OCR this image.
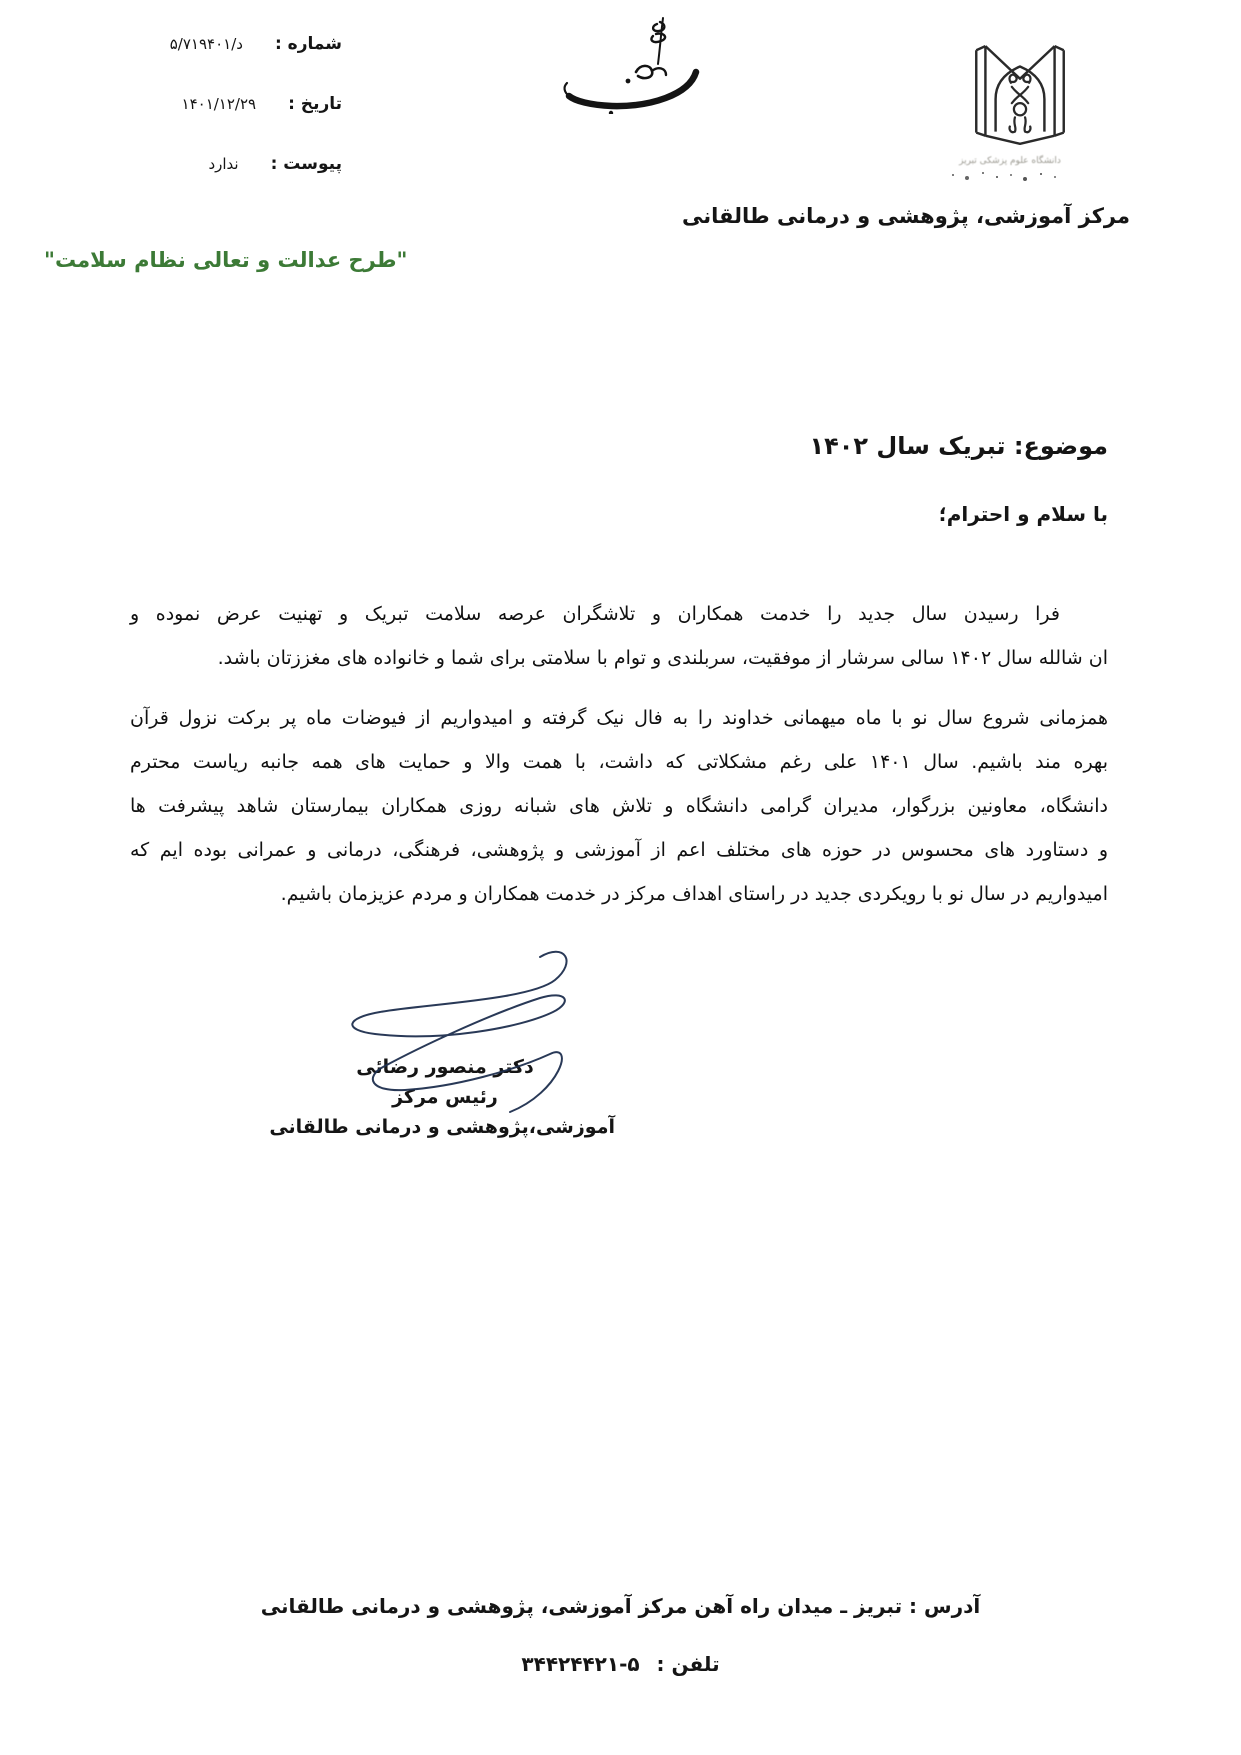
شماره :
۵/د/۷۱۹۴۰۱
تاریخ :
۱۴۰۱/۱۲/۲۹
پیوست :
ندارد	دانشگاه علوم پزشکی تبریز
مرکز آموزشی، پژوهشی و درمانی طالقانی
"طرح عدالت و تعالی نظام سلامت"
موضوع: تبریک سال ۱۴۰۲
با سلام و احترام؛
فرا رسیدن سال جدید را خدمت همکاران و تلاشگران عرصه سلامت تبریک و تهنیت عرض نموده و
ان شالله سال ۱۴۰۲ سالی سرشار از موفقیت، سربلندی و توام با سلامتی برای شما و خانواده های مغززتان باشد.
همزمانی شروع سال نو با ماه میهمانی خداوند را به فال نیک گرفته و امیدواریم از فیوضات ماه پر برکت نزول قرآن
بهره مند باشیم. سال ۱۴۰۱ علی رغم مشکلاتی که داشت، با همت والا و حمایت های همه جانبه ریاست محترم
دانشگاه، معاونین بزرگوار، مدیران گرامی دانشگاه و تلاش های شبانه روزی همکاران بیمارستان شاهد پیشرفت ها
و دستاورد های محسوس در حوزه های مختلف اعم از آموزشی و پژوهشی، فرهنگی، درمانی و عمرانی بوده ایم که
امیدواریم در سال نو با رویکردی جدید در راستای اهداف مرکز در خدمت همکاران و مردم عزیزمان باشیم.
دکتر منصور رضائی
رئیس مرکز
آموزشی،پژوهشی و درمانی طالقانی
آدرس : تبریز ـ میدان راه آهن مرکز آموزشی، پژوهشی و درمانی طالقانی
تلفن : ۳۴۴۲۴۴۲۱-۵
